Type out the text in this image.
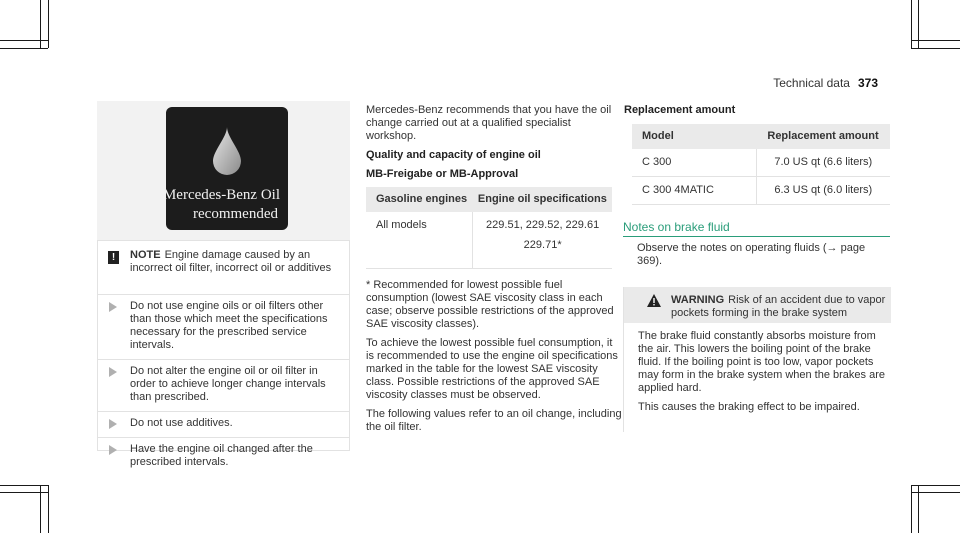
Technical data 373
Mercedes-Benz Oil
recommended
!	NOTE Engine damage caused by an incorrect oil filter, incorrect oil or additives
Do not use engine oils or oil filters other than those which meet the specifications necessary for the prescribed service intervals.
Do not alter the engine oil or oil filter in order to achieve longer change intervals than prescribed.
Do not use additives.
Have the engine oil changed after the prescribed intervals.

Mercedes-Benz recommends that you have the oil change carried out at a qualified specialist workshop.

Quality and capacity of engine oil

MB-Freigabe or MB-Approval

Gasoline engines	Engine oil specifications
All models	229.51, 229.52, 229.61
229.71*

* Recommended for lowest possible fuel consumption (lowest SAE viscosity class in each case; observe possible restrictions of the approved SAE viscosity classes).

To achieve the lowest possible fuel consumption, it is recommended to use the engine oil specifications marked in the table for the lowest SAE viscosity class. Possible restrictions of the approved SAE viscosity classes must be observed.

The following values refer to an oil change, including the oil filter.

Replacement amount
Model	Replacement amount
C 300	7.0 US qt (6.6 liters)
C 300 4MATIC	6.3 US qt (6.0 liters)
Notes on brake fluid
Observe the notes on operating fluids (→ page 369).
WARNING Risk of an accident due to vapor pockets forming in the brake system

The brake fluid constantly absorbs moisture from the air. This lowers the boiling point of the brake fluid. If the boiling point is too low, vapor pockets may form in the brake system when the brakes are applied hard.

This causes the braking effect to be impaired.
